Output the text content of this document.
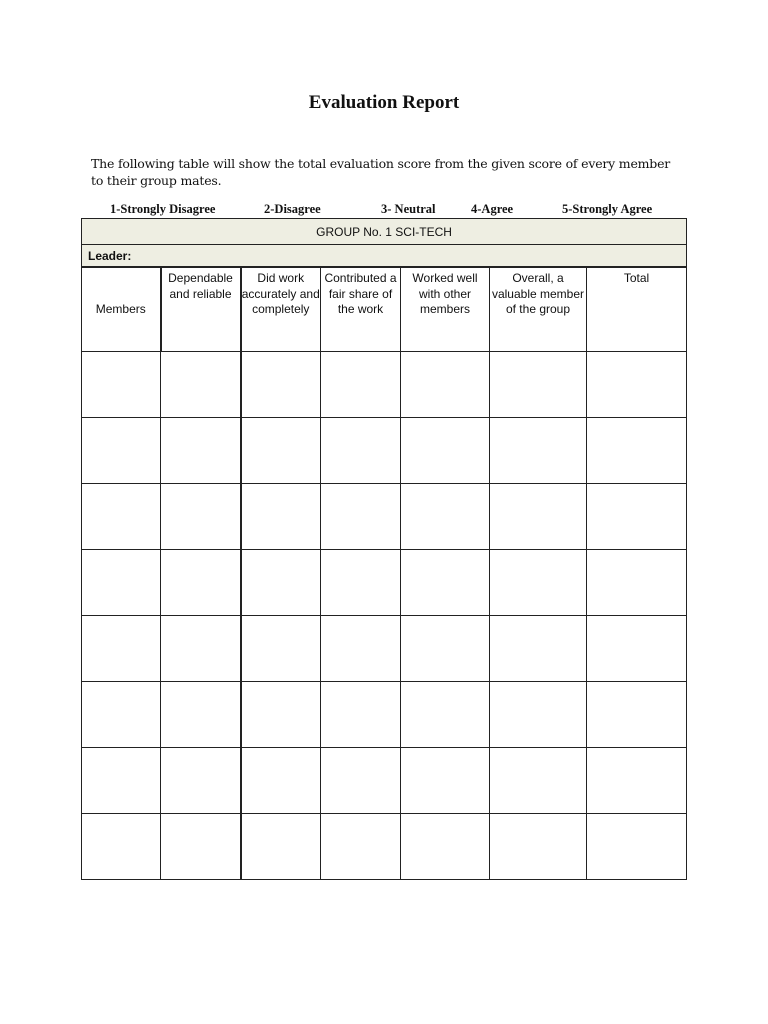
Evaluation Report
The following table will show the total evaluation score from the given score of every member to their group mates.
1-Strongly Disagree	2-Disagree	3- Neutral	4-Agree	5-Strongly Agree
GROUP No. 1 SCI-TECH						
Leader:						
Members	Dependable and reliable	Did work accurately and completely	Contributed a fair share of the work	Worked well with other members	Overall, a valuable member of the group	Total
